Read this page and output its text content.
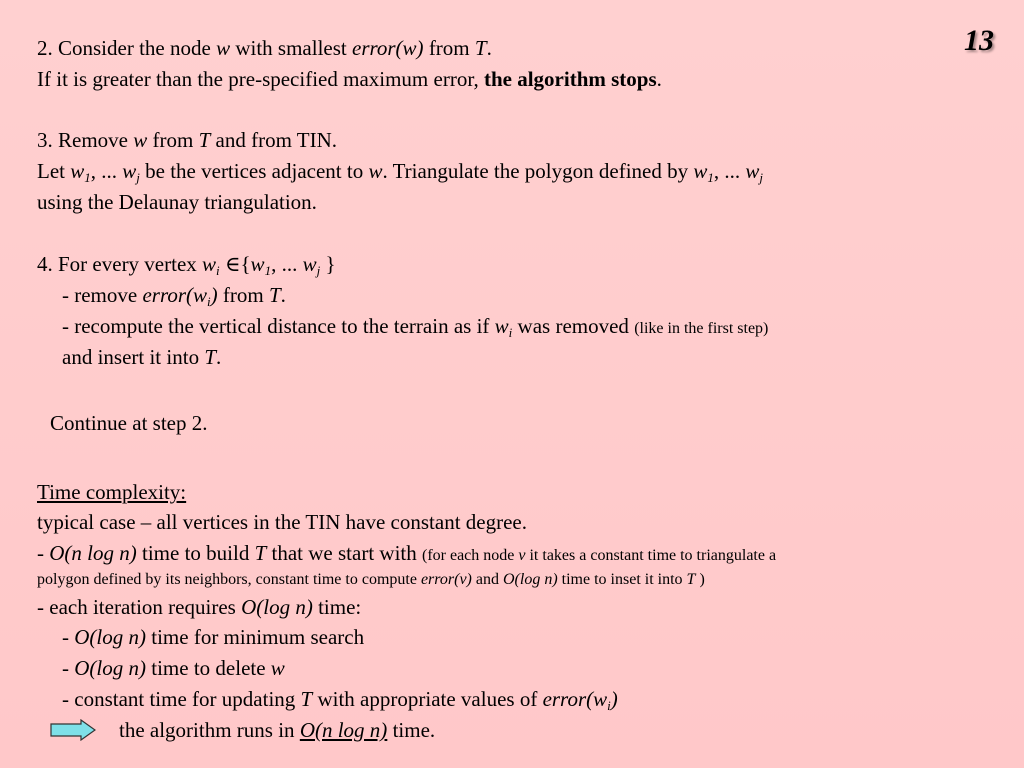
13
2. Consider the node w with smallest error(w) from T.
If it is greater than the pre-specified maximum error, the algorithm stops.
3. Remove w from T and from TIN.
Let $w_1$, ... $w_j$ be the vertices adjacent to w. Triangulate the polygon defined by $w_1$, ... $w_j$
using the Delaunay triangulation.
4. For every vertex $w_i$ $\in\{w_1$, ... $w_j$ }
- remove $error(w_i)$ from T.
- recompute the vertical distance to the terrain as if $w_i$ was removed (like in the first step)
and insert it into T.
Continue at step 2.
Time complexity:
typical case – all vertices in the TIN have constant degree.
- O(n log n) time to build T that we start with (for each node v it takes a constant time to triangulate a
polygon defined by its neighbors, constant time to compute error(v) and O(log n) time to inset it into T )
- each iteration requires O(log n) time:
- O(log n) time for minimum search
- O(log n) time to delete w
- constant time for updating T with appropriate values of $error(w_i)$
the algorithm runs in O(n log n) time.
